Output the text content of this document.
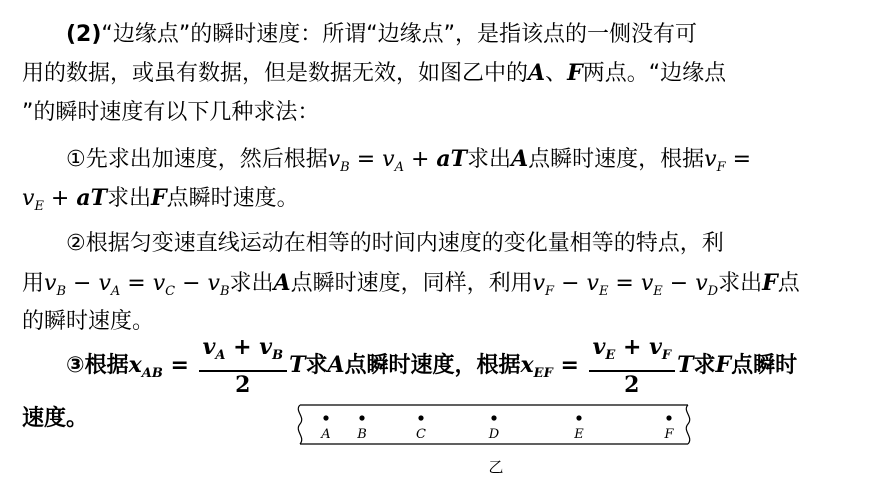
(2)“边缘点”的瞬时速度：所谓“边缘点”，是指该点的一侧没有可
用的数据，或虽有数据，但是数据无效，如图乙中的A、F两点。“边缘点
”的瞬时速度有以下几种求法：
①先求出加速度，然后根据$v_B = v_A$ + aT求出A点瞬时速度，根据$v_F$ =
$v_E$ + aT求出F点瞬时速度。
②根据匀变速直线运动在相等的时间内速度的变化量相等的特点，利
用$v_B - v_A = v_C - v_B$求出A点瞬时速度，同样，利用$v_F - v_E = v_E - v_D$求出F点
的瞬时速度。
③根据$x_{AB} = \frac{v_A + v_B}{2}$ T求A点瞬时速度，根据$x_{EF} = \frac{v_E + v_F}{2}$ T求F点瞬时
速度。
A B	C	D	E	F
乙
